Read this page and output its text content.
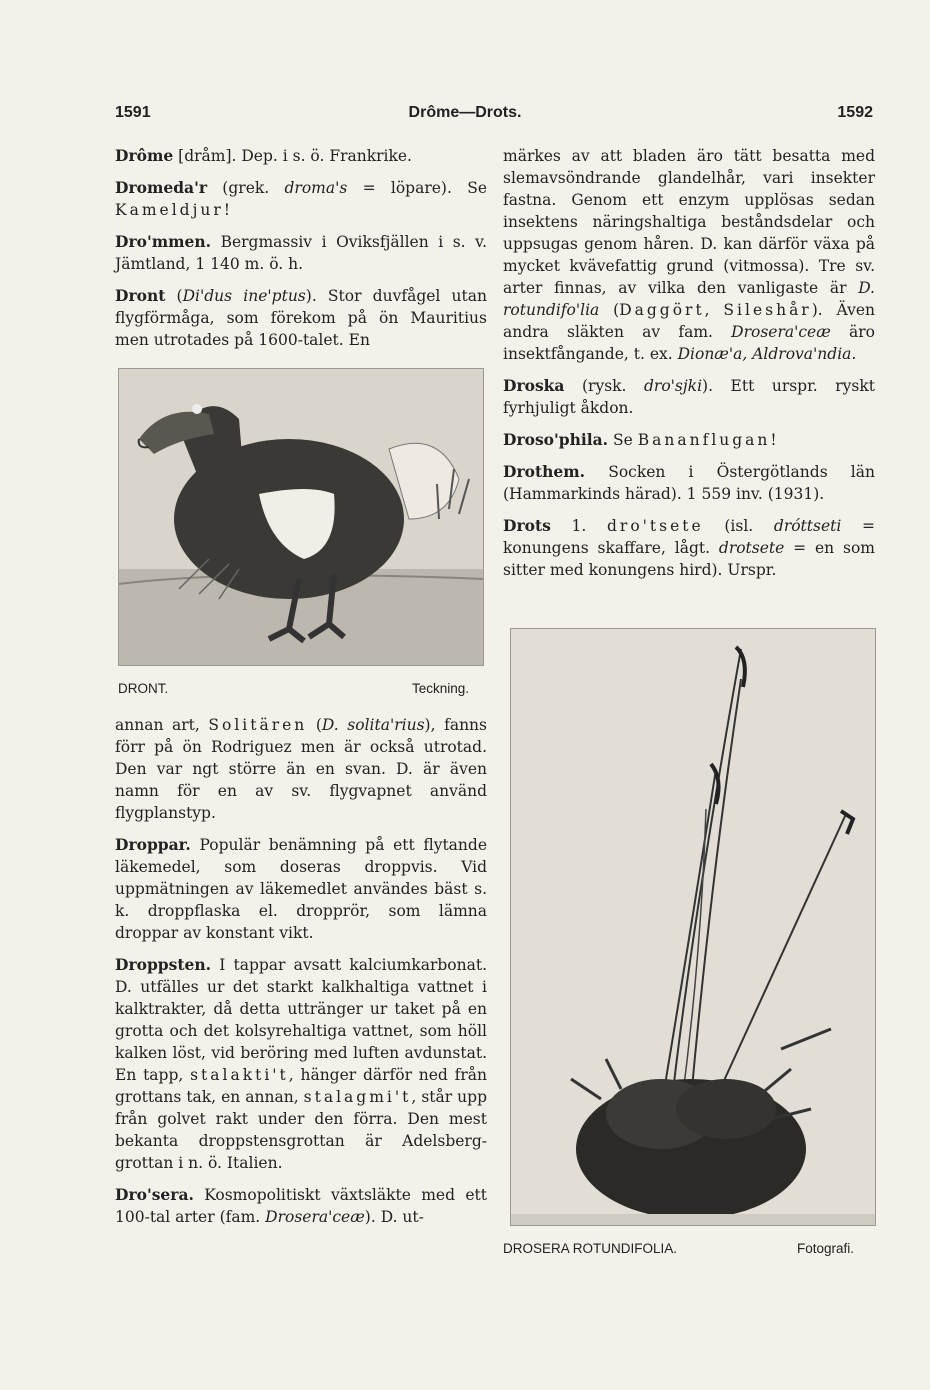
1591	Drôme—Drots.	1592

Drôme [dråm]. Dep. i s. ö. Frankrike.

Dromeda'r (grek. droma's = löpare). Se Kameldjur!

Dro'mmen. Bergmassiv i Oviksfjällen i s. v. Jämtland, 1 140 m. ö. h.

Dront (Di'dus ine'ptus). Stor duvfågel utan flygförmåga, som förekom på ön Mauritius men utrotades på 1600-talet. En

DRONT.	Teckning.

annan art, Solitären (D. solita'rius), fanns förr på ön Rodriguez men är också utrotad. Den var ngt större än en svan. D. är även namn för en av sv. flygvapnet använd flygplanstyp.

Droppar. Populär benämning på ett flytande läkemedel, som doseras droppvis. Vid uppmätningen av läkemedlet användes bäst s. k. droppflaska el. dropprör, som lämna droppar av konstant vikt.

Droppsten. I tappar avsatt kalciumkarbonat. D. utfälles ur det starkt kalkhaltiga vattnet i kalktrakter, då detta uttränger ur taket på en grotta och det kolsyrehaltiga vattnet, som höll kalken löst, vid beröring med luften avdunstat. En tapp, stalakti't, hänger därför ned från grottans tak, en annan, stalagmi't, står upp från golvet rakt under den förra. Den mest bekanta droppstensgrottan är Adelsberg-grottan i n. ö. Italien.

Dro'sera. Kosmopolitiskt växtsläkte med ett 100-tal arter (fam. Drosera'ceæ). D. ut-

märkes av att bladen äro tätt besatta med slemavsöndrande glandelhår, vari insekter fastna. Genom ett enzym upplösas sedan insektens näringshaltiga beståndsdelar och uppsugas genom håren. D. kan därför växa på mycket kvävefattig grund (vitmossa). Tre sv. arter finnas, av vilka den vanligaste är D. rotundifo'lia (Daggört, Sileshår). Även andra släkten av fam. Drosera'ceæ äro insektfångande, t. ex. Dionæ'a, Aldrova'ndia.

Droska (rysk. dro'sjki). Ett urspr. ryskt fyrhjuligt åkdon.

Droso'phila. Se Bananflugan!

Drothem. Socken i Östergötlands län (Hammarkinds härad). 1 559 inv. (1931).

Drots 1. dro'tsete (isl. dróttseti = konungens skaffare, lågt. drotsete = en som sitter med konungens hird). Urspr.

DROSERA ROTUNDIFOLIA.	Fotografi.
